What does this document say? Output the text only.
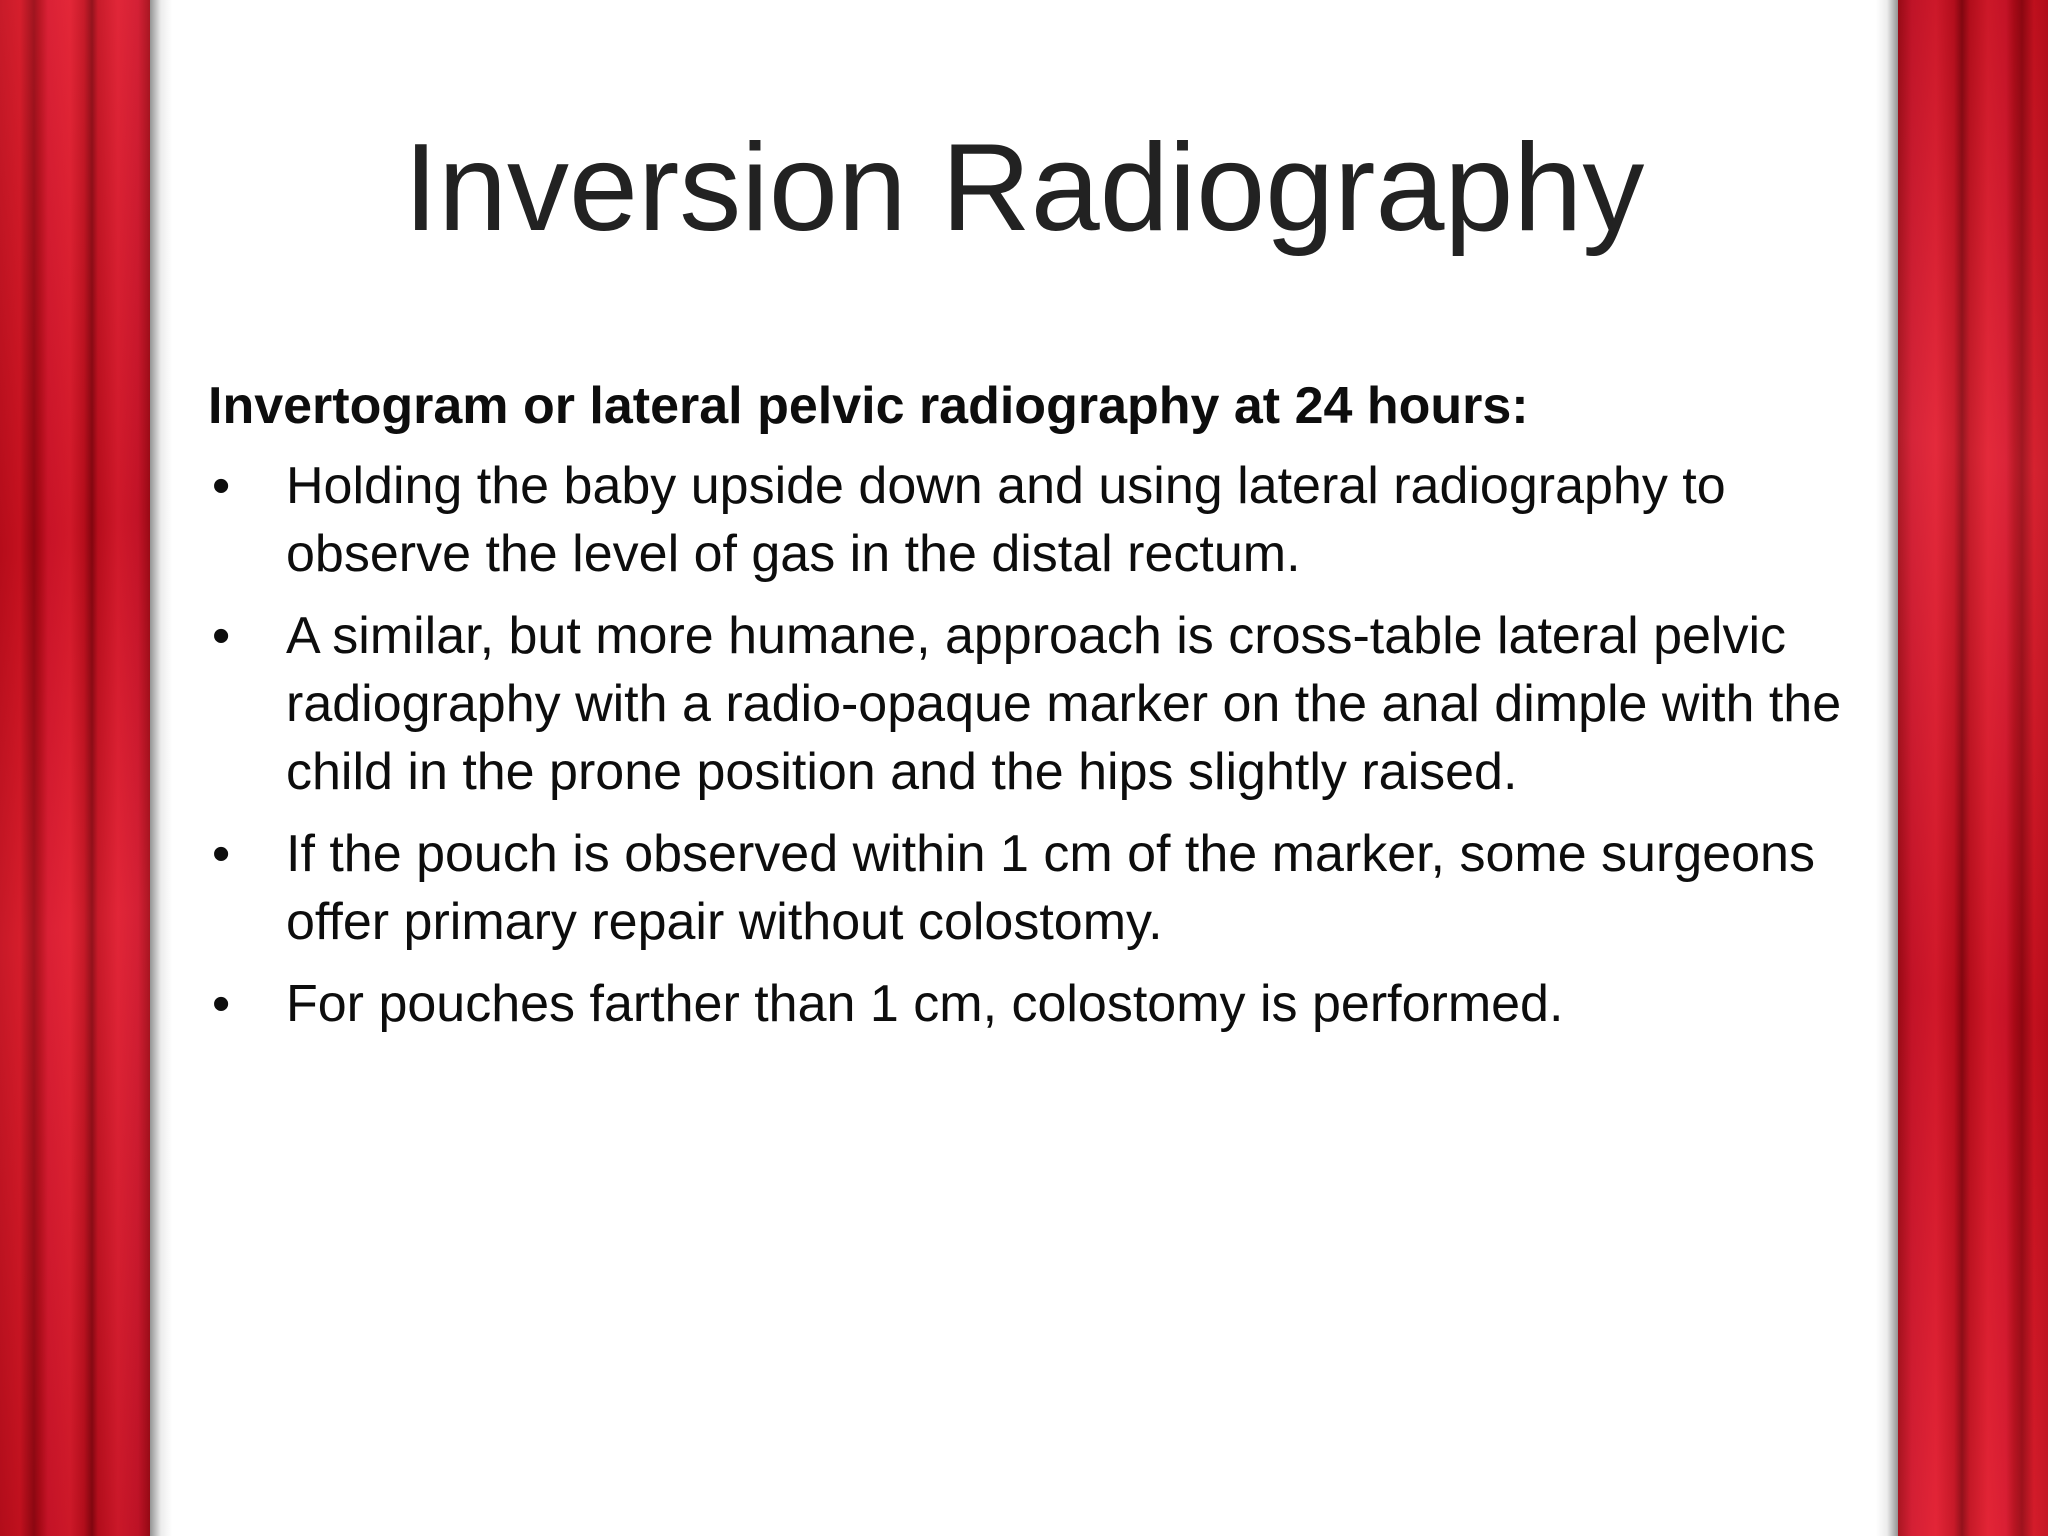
Inversion Radiography

Invertogram or lateral pelvic radiography at 24 hours:

• Holding the baby upside down and using lateral radiography to observe the level of gas in the distal rectum.
• A similar, but more humane, approach is cross-table lateral pelvic radiography with a radio-opaque marker on the anal dimple with the child in the prone position and the hips slightly raised.
• If the pouch is observed within 1 cm of the marker, some surgeons offer primary repair without colostomy.
• For pouches farther than 1 cm, colostomy is performed.
